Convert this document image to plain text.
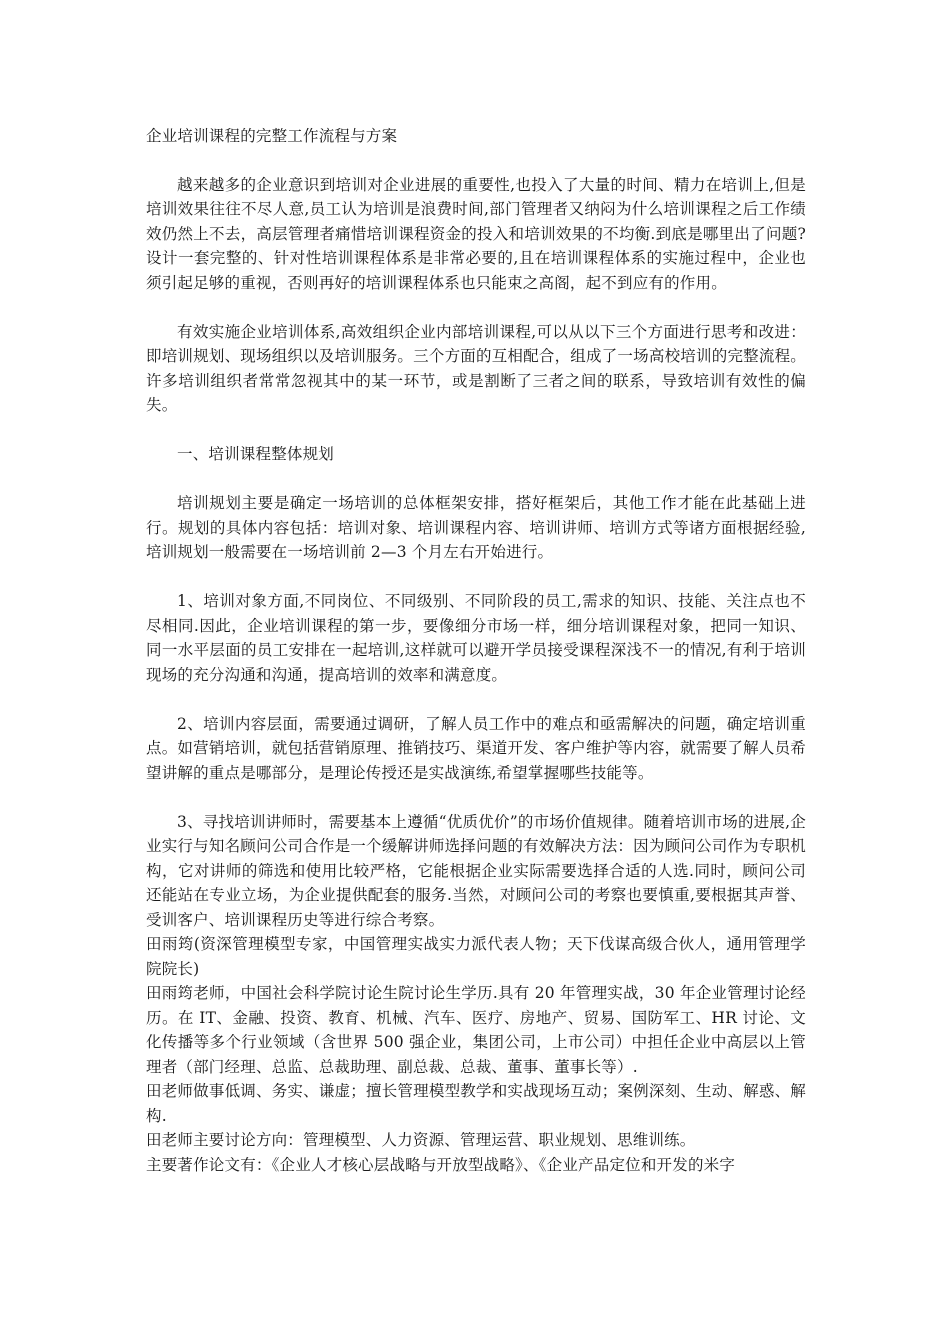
企业培训课程的完整工作流程与方案

越来越多的企业意识到培训对企业进展的重要性,也投入了大量的时间、精力在培训上,但是培训效果往往不尽人意,员工认为培训是浪费时间,部门管理者又纳闷为什么培训课程之后工作绩效仍然上不去，高层管理者痛惜培训课程资金的投入和培训效果的不均衡.到底是哪里出了问题?设计一套完整的、针对性培训课程体系是非常必要的,且在培训课程体系的实施过程中，企业也须引起足够的重视，否则再好的培训课程体系也只能束之高阁，起不到应有的作用。

有效实施企业培训体系,高效组织企业内部培训课程,可以从以下三个方面进行思考和改进：即培训规划、现场组织以及培训服务。三个方面的互相配合，组成了一场高校培训的完整流程。许多培训组织者常常忽视其中的某一环节，或是割断了三者之间的联系，导致培训有效性的偏失。

一、培训课程整体规划

培训规划主要是确定一场培训的总体框架安排，搭好框架后，其他工作才能在此基础上进行。规划的具体内容包括：培训对象、培训课程内容、培训讲师、培训方式等诸方面根据经验,培训规划一般需要在一场培训前 2—3 个月左右开始进行。

1、培训对象方面,不同岗位、不同级别、不同阶段的员工,需求的知识、技能、关注点也不尽相同.因此，企业培训课程的第一步，要像细分市场一样，细分培训课程对象，把同一知识、同一水平层面的员工安排在一起培训,这样就可以避开学员接受课程深浅不一的情况,有利于培训现场的充分沟通和沟通，提高培训的效率和满意度。

2、培训内容层面，需要通过调研，了解人员工作中的难点和亟需解决的问题，确定培训重点。如营销培训，就包括营销原理、推销技巧、渠道开发、客户维护等内容，就需要了解人员希望讲解的重点是哪部分，是理论传授还是实战演练,希望掌握哪些技能等。

3、寻找培训讲师时，需要基本上遵循“优质优价”的市场价值规律。随着培训市场的进展,企业实行与知名顾问公司合作是一个缓解讲师选择问题的有效解决方法：因为顾问公司作为专职机构，它对讲师的筛选和使用比较严格，它能根据企业实际需要选择合适的人选.同时，顾问公司还能站在专业立场，为企业提供配套的服务.当然，对顾问公司的考察也要慎重,要根据其声誉、受训客户、培训课程历史等进行综合考察。

田雨筠(资深管理模型专家，中国管理实战实力派代表人物；天下伐谋高级合伙人，通用管理学院院长)

田雨筠老师，中国社会科学院讨论生院讨论生学历.具有 20 年管理实战，30 年企业管理讨论经历。在 IT、金融、投资、教育、机械、汽车、医疗、房地产、贸易、国防军工、HR 讨论、文化传播等多个行业领域（含世界 500 强企业，集团公司，上市公司）中担任企业中高层以上管理者（部门经理、总监、总裁助理、副总裁、总裁、董事、董事长等）.

田老师做事低调、务实、谦虚；擅长管理模型教学和实战现场互动；案例深刻、生动、解惑、解构.

田老师主要讨论方向：管理模型、人力资源、管理运营、职业规划、思维训练。

主要著作论文有：《企业人才核心层战略与开放型战略》、《企业产品定位和开发的米字
